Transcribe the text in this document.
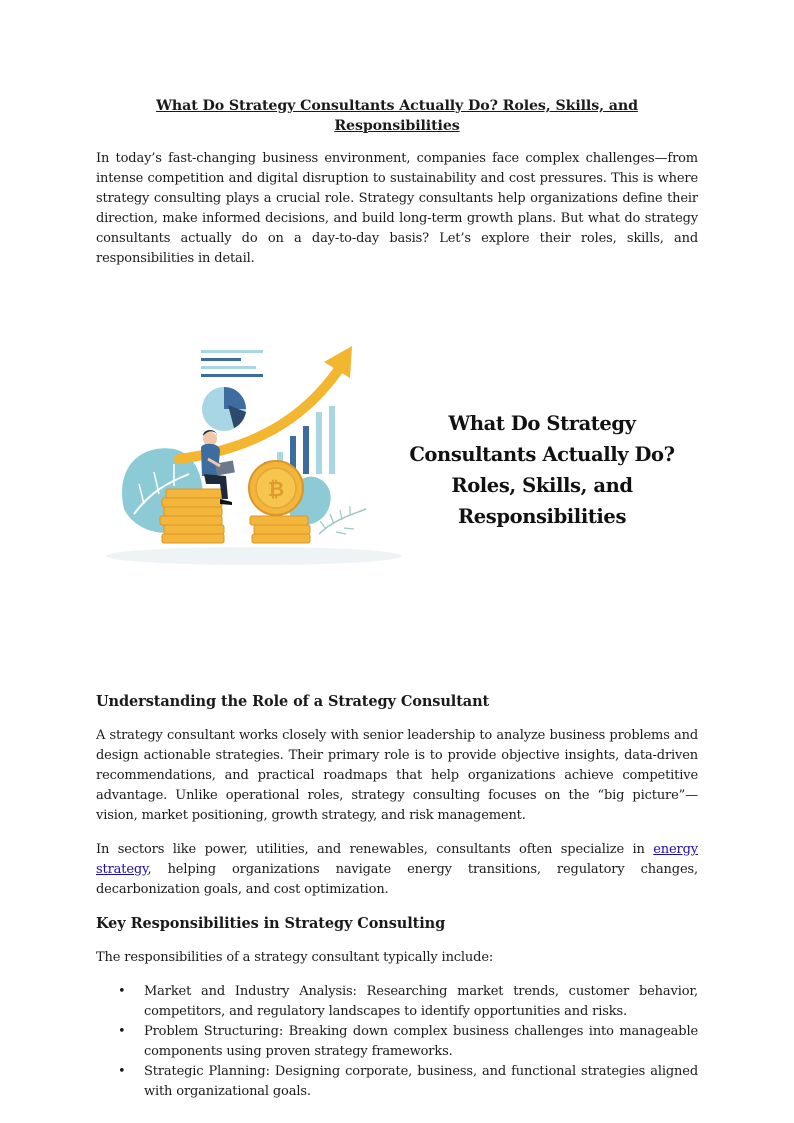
What Do Strategy Consultants Actually Do? Roles, Skills, and Responsibilities

In today’s fast-changing business environment, companies face complex challenges—from intense competition and digital disruption to sustainability and cost pressures. This is where strategy consulting plays a crucial role. Strategy consultants help organizations define their direction, make informed decisions, and build long-term growth plans. But what do strategy consultants actually do on a day-to-day basis? Let’s explore their roles, skills, and responsibilities in detail.

₿
What Do Strategy Consultants Actually Do? Roles, Skills, and Responsibilities
Understanding the Role of a Strategy Consultant

A strategy consultant works closely with senior leadership to analyze business problems and design actionable strategies. Their primary role is to provide objective insights, data-driven recommendations, and practical roadmaps that help organizations achieve competitive advantage. Unlike operational roles, strategy consulting focuses on the “big picture”—vision, market positioning, growth strategy, and risk management.

In sectors like power, utilities, and renewables, consultants often specialize in energy strategy, helping organizations navigate energy transitions, regulatory changes, decarbonization goals, and cost optimization.

Key Responsibilities in Strategy Consulting

The responsibilities of a strategy consultant typically include:

• Market and Industry Analysis: Researching market trends, customer behavior, competitors, and regulatory landscapes to identify opportunities and risks.
• Problem Structuring: Breaking down complex business challenges into manageable components using proven strategy frameworks.
• Strategic Planning: Designing corporate, business, and functional strategies aligned with organizational goals.
